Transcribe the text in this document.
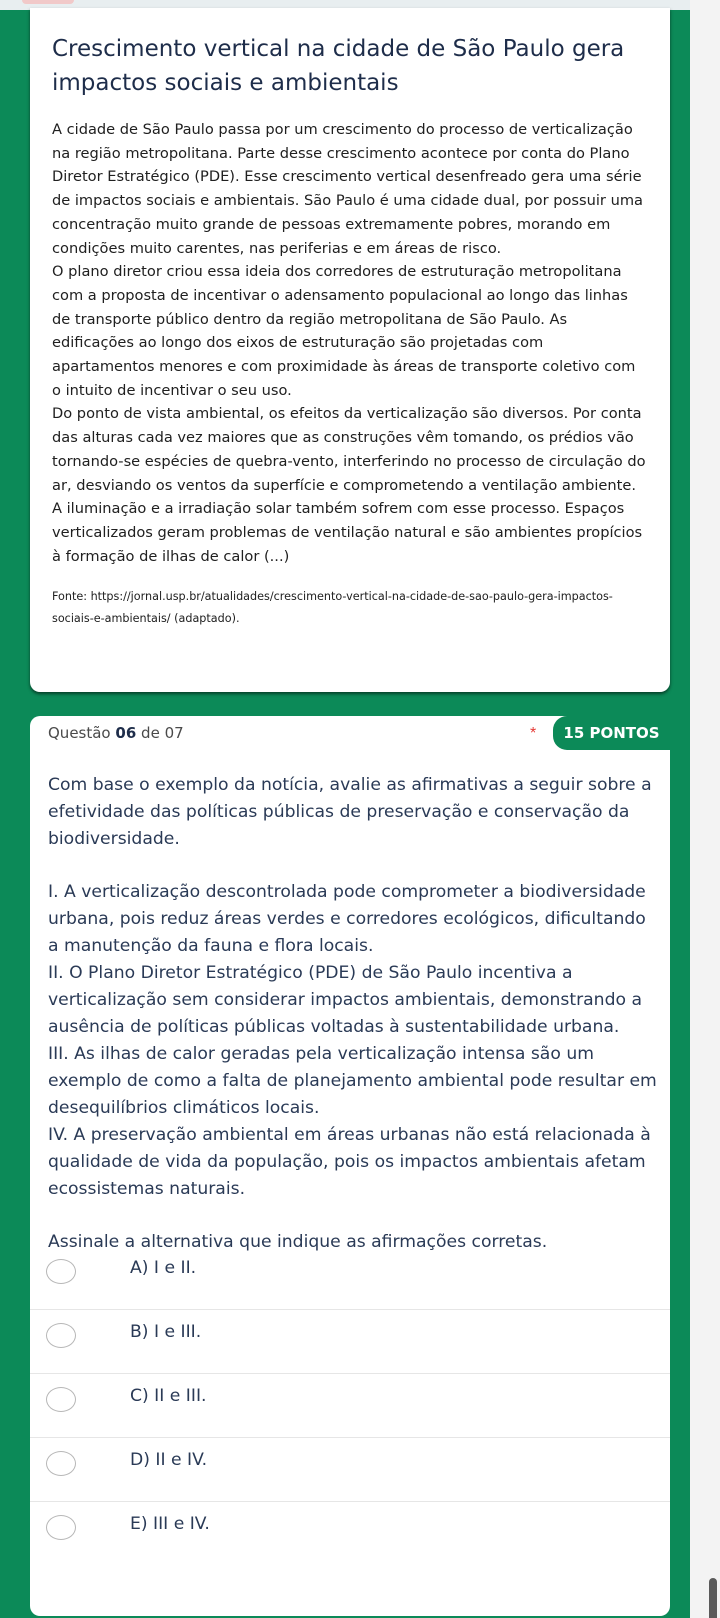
Crescimento vertical na cidade de São Paulo gera impactos sociais e ambientais

A cidade de São Paulo passa por um crescimento do processo de verticalização na região metropolitana. Parte desse crescimento acontece por conta do Plano Diretor Estratégico (PDE). Esse crescimento vertical desenfreado gera uma série de impactos sociais e ambientais. São Paulo é uma cidade dual, por possuir uma concentração muito grande de pessoas extremamente pobres, morando em condições muito carentes, nas periferias e em áreas de risco.

O plano diretor criou essa ideia dos corredores de estruturação metropolitana com a proposta de incentivar o adensamento populacional ao longo das linhas de transporte público dentro da região metropolitana de São Paulo. As edificações ao longo dos eixos de estruturação são projetadas com apartamentos menores e com proximidade às áreas de transporte coletivo com o intuito de incentivar o seu uso.

Do ponto de vista ambiental, os efeitos da verticalização são diversos. Por conta das alturas cada vez maiores que as construções vêm tomando, os prédios vão tornando-se espécies de quebra-vento, interferindo no processo de circulação do ar, desviando os ventos da superfície e comprometendo a ventilação ambiente. A iluminação e a irradiação solar também sofrem com esse processo. Espaços verticalizados geram problemas de ventilação natural e são ambientes propícios à formação de ilhas de calor (...)

Fonte: https://jornal.usp.br/atualidades/crescimento-vertical-na-cidade-de-sao-paulo-gera-impactos-sociais-e-ambientais/ (adaptado).

Questão 06 de 07	*	15 PONTOS

Com base o exemplo da notícia, avalie as afirmativas a seguir sobre a efetividade das políticas públicas de preservação e conservação da biodiversidade.

I. A verticalização descontrolada pode comprometer a biodiversidade urbana, pois reduz áreas verdes e corredores ecológicos, dificultando a manutenção da fauna e flora locais.

II. O Plano Diretor Estratégico (PDE) de São Paulo incentiva a verticalização sem considerar impactos ambientais, demonstrando a ausência de políticas públicas voltadas à sustentabilidade urbana.

III. As ilhas de calor geradas pela verticalização intensa são um exemplo de como a falta de planejamento ambiental pode resultar em desequilíbrios climáticos locais.

IV. A preservação ambiental em áreas urbanas não está relacionada à qualidade de vida da população, pois os impactos ambientais afetam ecossistemas naturais.

Assinale a alternativa que indique as afirmações corretas.

A) I e II.
B) I e III.
C) II e III.
D) II e IV.
E) III e IV.
